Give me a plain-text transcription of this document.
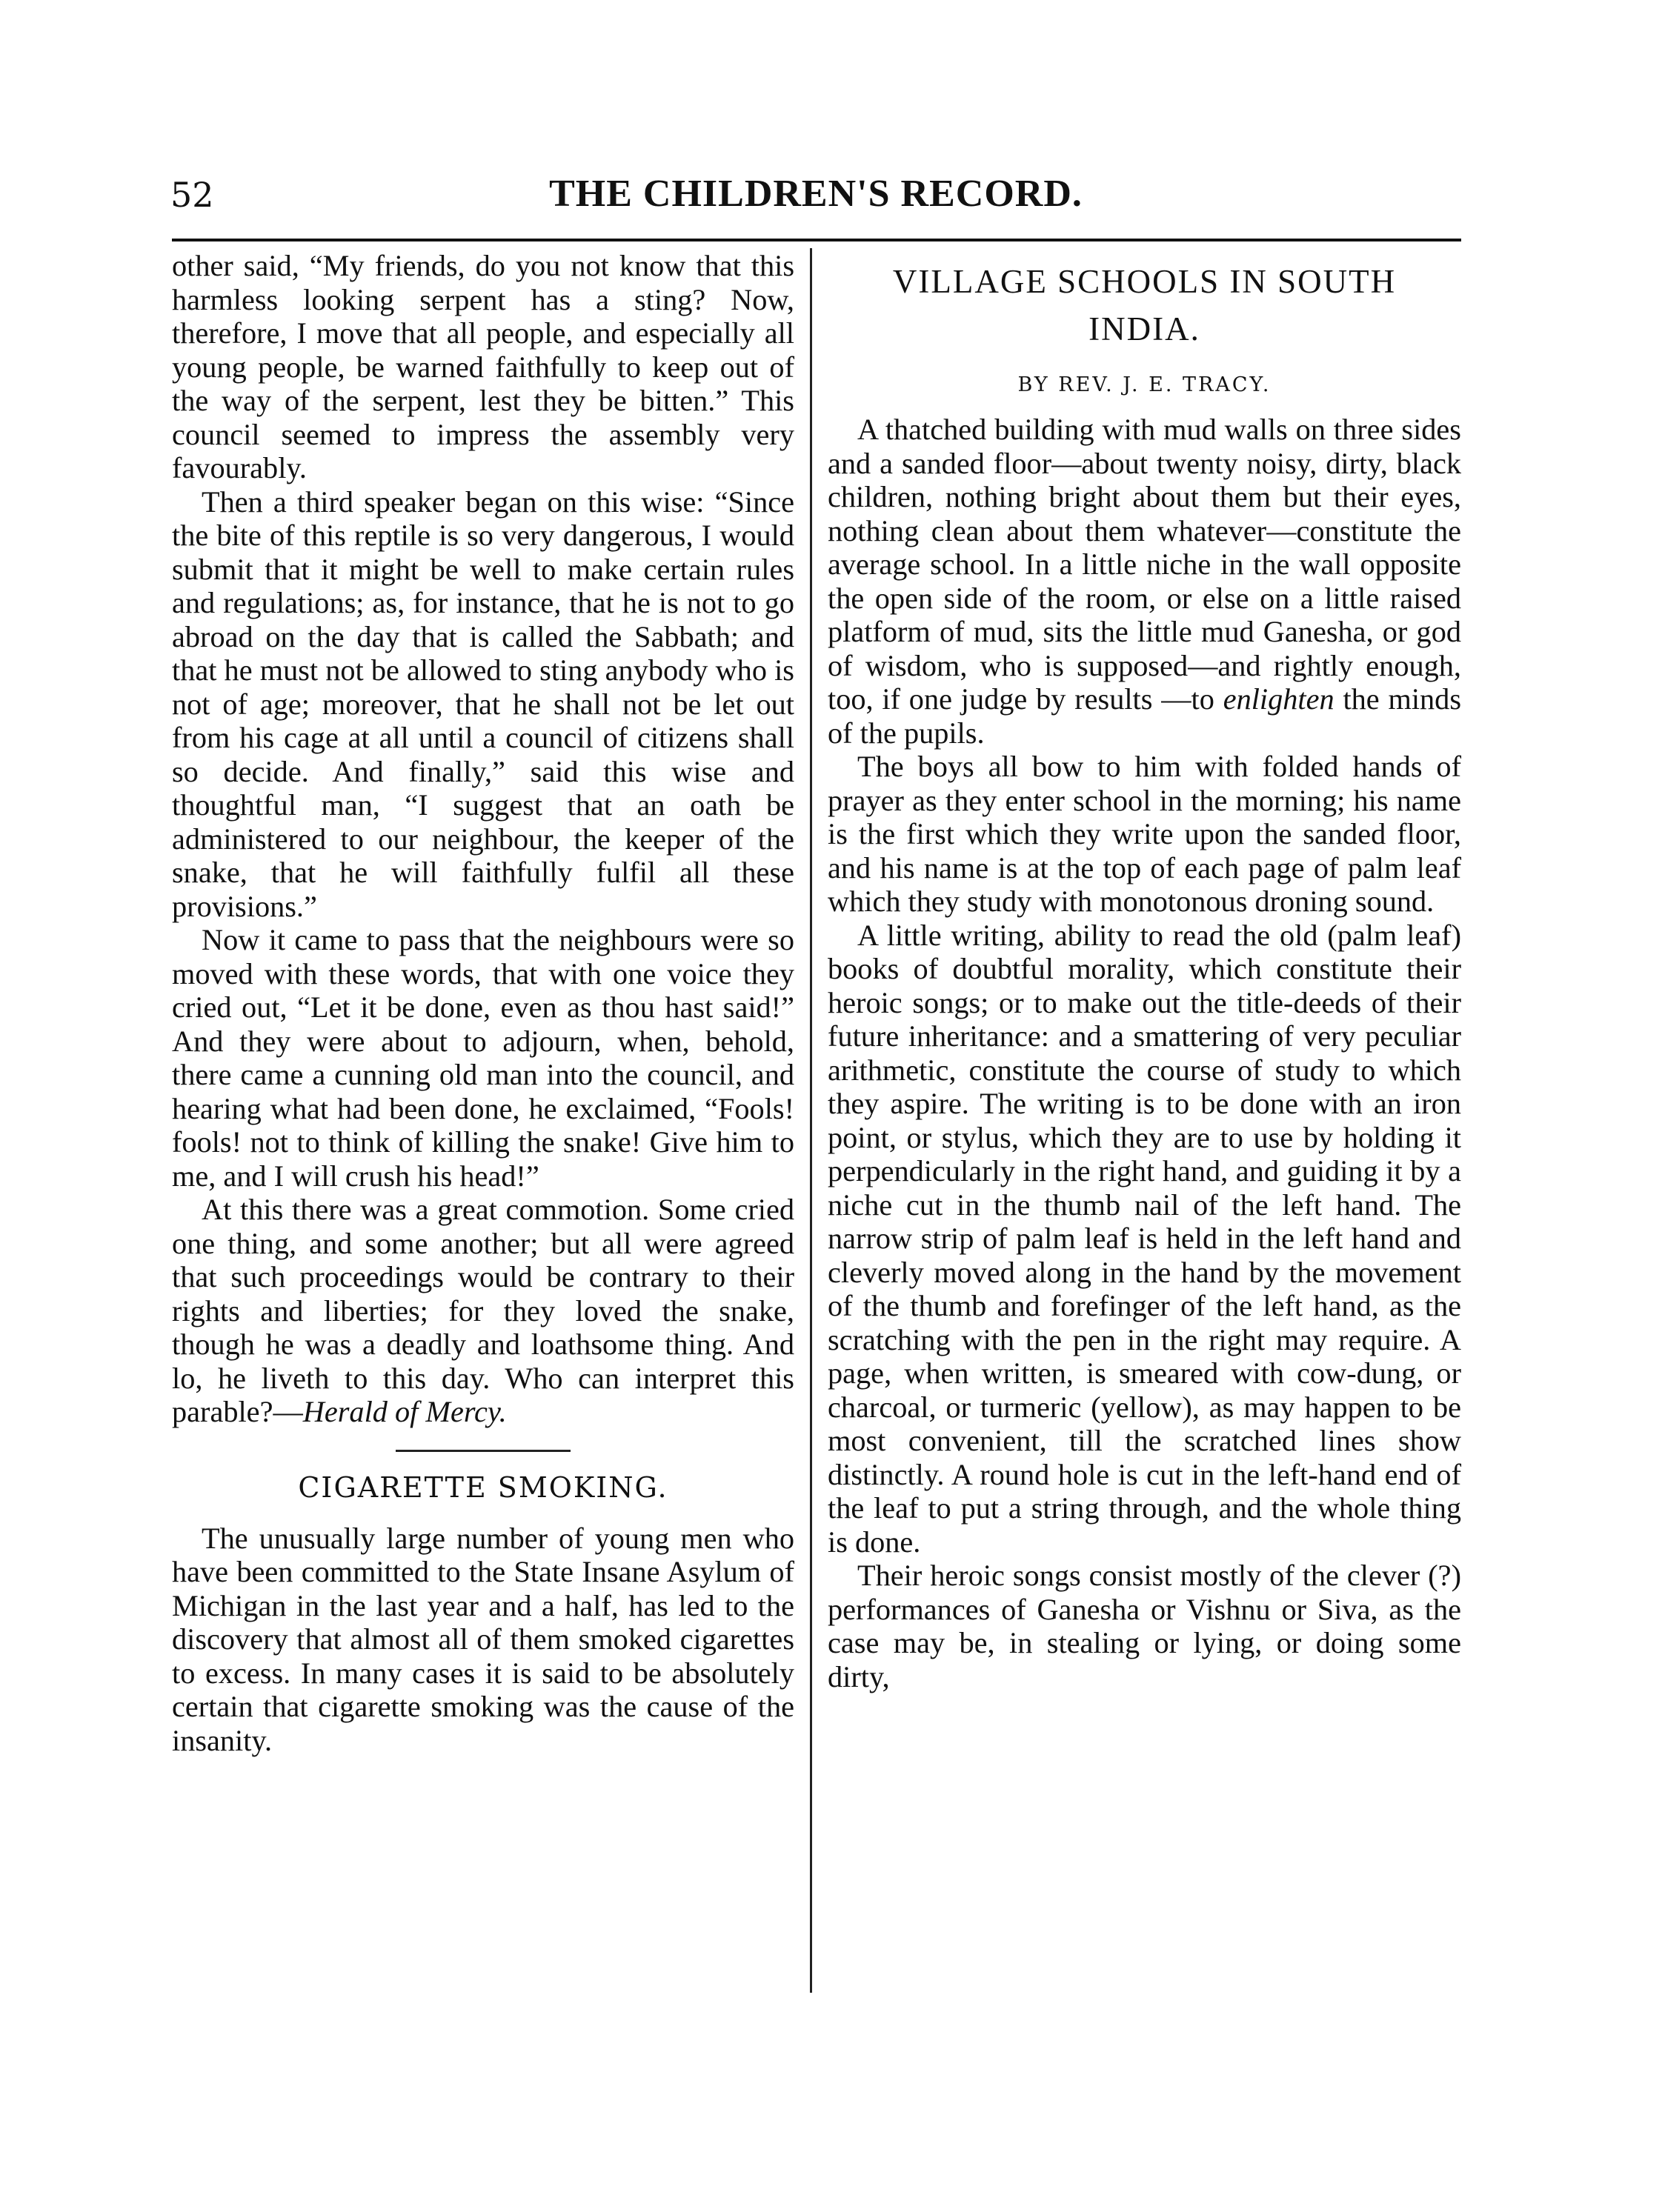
52	THE CHILDREN'S RECORD.

other said, “My friends, do you not know that this harmless looking serpent has a sting? Now, therefore, I move that all people, and especially all young people, be warned faithfully to keep out of the way of the serpent, lest they be bitten.” This council seemed to impress the assembly very favourably.

Then a third speaker began on this wise: “Since the bite of this reptile is so very dangerous, I would submit that it might be well to make certain rules and regulations; as, for instance, that he is not to go abroad on the day that is called the Sabbath; and that he must not be allowed to sting anybody who is not of age; moreover, that he shall not be let out from his cage at all until a council of citizens shall so decide. And finally,” said this wise and thoughtful man, “I suggest that an oath be administered to our neighbour, the keeper of the snake, that he will faithfully fulfil all these provisions.”

Now it came to pass that the neighbours were so moved with these words, that with one voice they cried out, “Let it be done, even as thou hast said!” And they were about to adjourn, when, behold, there came a cunning old man into the council, and hearing what had been done, he exclaimed, “Fools! fools! not to think of killing the snake! Give him to me, and I will crush his head!”

At this there was a great commotion. Some cried one thing, and some another; but all were agreed that such proceedings would be contrary to their rights and liberties; for they loved the snake, though he was a deadly and loathsome thing. And lo, he liveth to this day. Who can interpret this parable?—Herald of Mercy.

CIGARETTE SMOKING.

The unusually large number of young men who have been committed to the State Insane Asylum of Michigan in the last year and a half, has led to the discovery that almost all of them smoked cigarettes to excess. In many cases it is said to be absolutely certain that cigarette smoking was the cause of the insanity.

VILLAGE SCHOOLS IN SOUTH
INDIA.
BY REV. J. E. TRACY.

A thatched building with mud walls on three sides and a sanded floor—about twenty noisy, dirty, black children, nothing bright about them but their eyes, nothing clean about them whatever—constitute the average school. In a little niche in the wall opposite the open side of the room, or else on a little raised platform of mud, sits the little mud Ganesha, or god of wisdom, who is supposed—and rightly enough, too, if one judge by results —to enlighten the minds of the pupils.

The boys all bow to him with folded hands of prayer as they enter school in the morning; his name is the first which they write upon the sanded floor, and his name is at the top of each page of palm leaf which they study with monotonous droning sound.

A little writing, ability to read the old (palm leaf) books of doubtful morality, which constitute their heroic songs; or to make out the title-deeds of their future inheritance: and a smattering of very peculiar arithmetic, constitute the course of study to which they aspire. The writing is to be done with an iron point, or stylus, which they are to use by holding it perpendicularly in the right hand, and guiding it by a niche cut in the thumb nail of the left hand. The narrow strip of palm leaf is held in the left hand and cleverly moved along in the hand by the movement of the thumb and forefinger of the left hand, as the scratching with the pen in the right may require. A page, when written, is smeared with cow-dung, or charcoal, or turmeric (yellow), as may happen to be most convenient, till the scratched lines show distinctly. A round hole is cut in the left-hand end of the leaf to put a string through, and the whole thing is done.

Their heroic songs consist mostly of the clever (?) performances of Ganesha or Vishnu or Siva, as the case may be, in stealing or lying, or doing some dirty,
